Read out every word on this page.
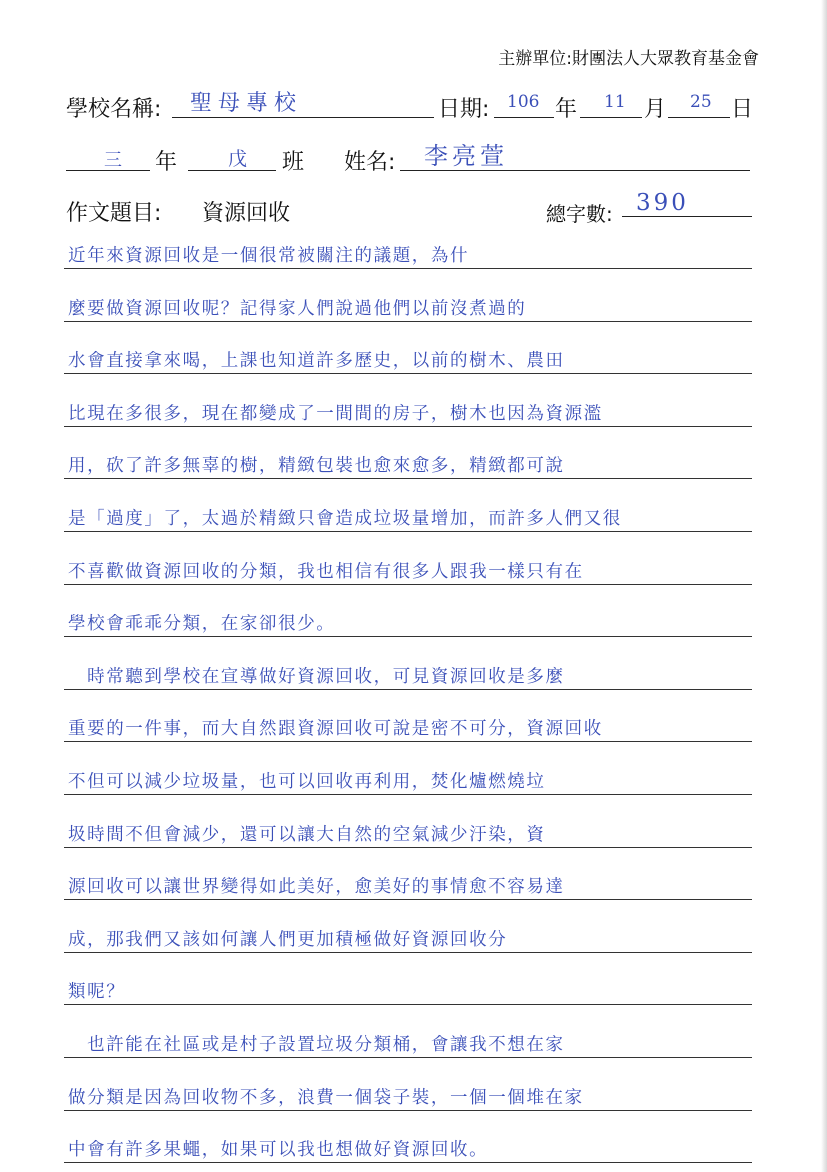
主辦單位:財團法人大眾教育基金會
學校名稱: 聖母專校	日期: 106 年 11 月 25 日
三 年	戊 班 姓名: 李亮萱
作文題目: 資源回收	總字數: 390
近年來資源回收是一個很常被關注的議題，為什
麼要做資源回收呢？記得家人們說過他們以前沒煮過的
水會直接拿來喝，上課也知道許多歷史，以前的樹木、農田
比現在多很多，現在都變成了一間間的房子，樹木也因為資源濫
用，砍了許多無辜的樹，精緻包裝也愈來愈多，精緻都可說
是「過度」了，太過於精緻只會造成垃圾量增加，而許多人們又很
不喜歡做資源回收的分類，我也相信有很多人跟我一樣只有在
學校會乖乖分類，在家卻很少。
　時常聽到學校在宣導做好資源回收，可見資源回收是多麼
重要的一件事，而大自然跟資源回收可說是密不可分，資源回收
不但可以減少垃圾量，也可以回收再利用，焚化爐燃燒垃
圾時間不但會減少，還可以讓大自然的空氣減少汙染，資
源回收可以讓世界變得如此美好，愈美好的事情愈不容易達
成，那我們又該如何讓人們更加積極做好資源回收分
類呢？
　也許能在社區或是村子設置垃圾分類桶，會讓我不想在家
做分類是因為回收物不多，浪費一個袋子裝，一個一個堆在家
中會有許多果蠅，如果可以我也想做好資源回收。
